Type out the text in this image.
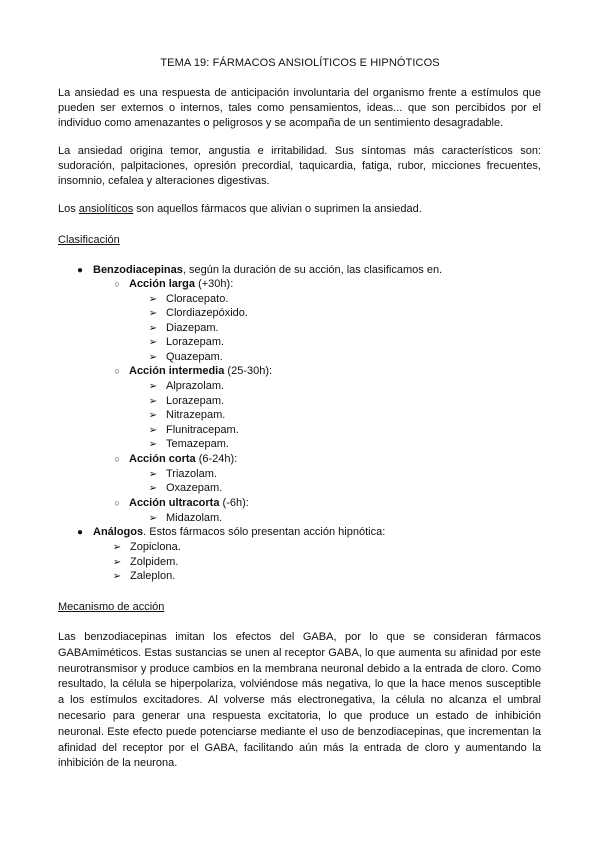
TEMA 19: FÁRMACOS ANSIOLÍTICOS E HIPNÓTICOS
La ansiedad es una respuesta de anticipación involuntaria del organismo frente a estímulos que
pueden ser externos o internos, tales como pensamientos, ideas... que son percibidos por el
individuo como amenazantes o peligrosos y se acompaña de un sentimiento desagradable.
La ansiedad origina temor, angustia e irritabilidad. Sus síntomas más característicos son:
sudoración, palpitaciones, opresión precordial, taquicardia, fatiga, rubor, micciones frecuentes,
insomnio, cefalea y alteraciones digestivas.
Los ansiolíticos son aquellos fármacos que alivian o suprimen la ansiedad.
Clasificación
● Benzodiacepinas, según la duración de su acción, las clasificamos en.
○ Acción larga (+30h):
➢ Cloracepato.
➢ Clordiazepóxido.
➢ Diazepam.
➢ Lorazepam.
➢ Quazepam.
○ Acción intermedia (25-30h):
➢ Alprazolam.
➢ Lorazepam.
➢ Nitrazepam.
➢ Flunitracepam.
➢ Temazepam.
○ Acción corta (6-24h):
➢ Triazolam.
➢ Oxazepam.
○ Acción ultracorta (-6h):
➢ Midazolam.
● Análogos. Estos fármacos sólo presentan acción hipnótica:
➢ Zopiclona.
➢ Zolpidem.
➢ Zaleplon.
Mecanismo de acción
Las benzodiacepinas imitan los efectos del GABA, por lo que se consideran fármacos
GABAmiméticos. Estas sustancias se unen al receptor GABA, lo que aumenta su afinidad por este
neurotransmisor y produce cambios en la membrana neuronal debido a la entrada de cloro. Como
resultado, la célula se hiperpolariza, volviéndose más negativa, lo que la hace menos susceptible
a los estímulos excitadores. Al volverse más electronegativa, la célula no alcanza el umbral
necesario para generar una respuesta excitatoria, lo que produce un estado de inhibición
neuronal. Este efecto puede potenciarse mediante el uso de benzodiacepinas, que incrementan la
afinidad del receptor por el GABA, facilitando aún más la entrada de cloro y aumentando la
inhibición de la neurona.
